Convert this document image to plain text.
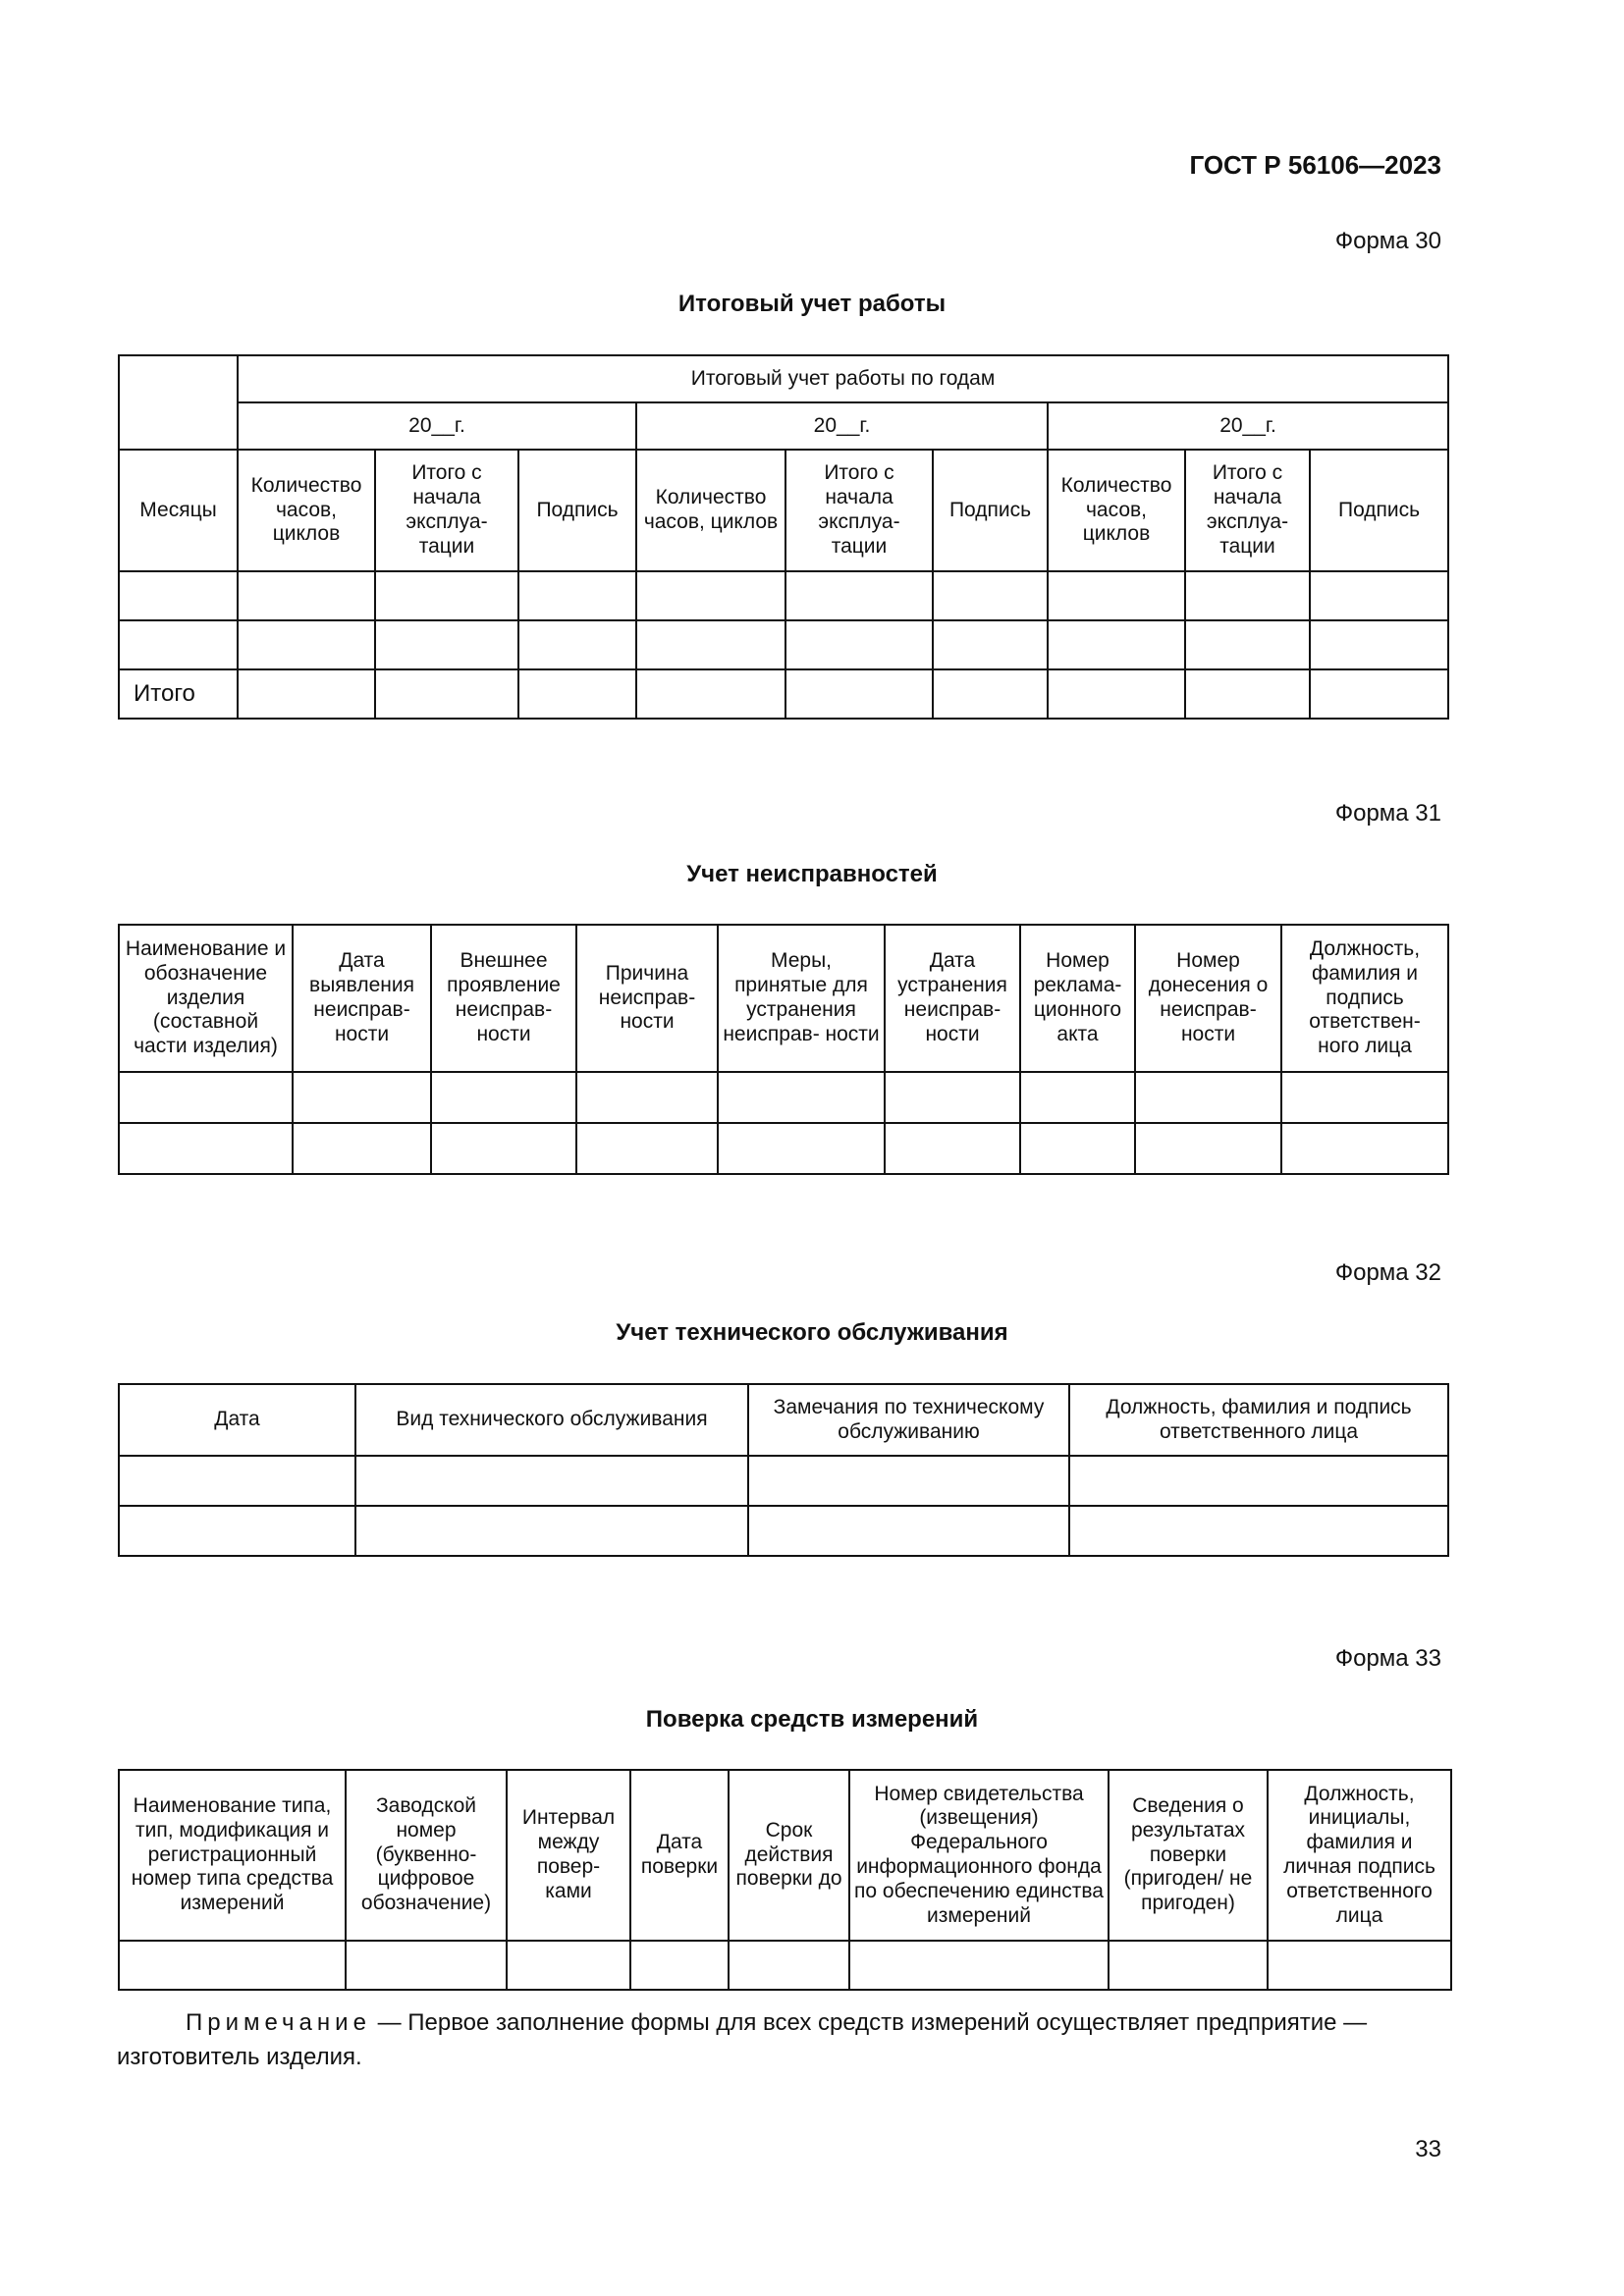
ГОСТ Р 56106—2023
Форма 30
Итоговый учет работы
	Итоговый учет работы по годам								
	20__г.			20__г.			20__г.		
Месяцы	Количество часов, циклов	Итого с начала эксплуа- тации	Подпись	Количество часов, циклов	Итого с начала эксплуа- тации	Подпись	Количество часов, циклов	Итого с начала эксплуа- тации	Подпись

Итого									
Форма 31
Учет неисправностей
Наименование и обозначение изделия (составной части изделия)	Дата выявления неисправ- ности	Внешнее проявление неисправ- ности	Причина неисправ- ности	Меры, принятые для устранения неисправ- ности	Дата устранения неисправ- ности	Номер реклама- ционного акта	Номер донесения о неисправ- ности	Должность, фамилия и подпись ответствен- ного лица

Форма 32
Учет технического обслуживания
Дата	Вид технического обслуживания	Замечания по техническому обслуживанию	Должность, фамилия и подпись ответственного лица

Форма 33
Поверка средств измерений
Наименование типа, тип, модификация и регистрационный номер типа средства измерений	Заводской номер (буквенно- цифровое обозначение)	Интервал между повер- ками	Дата поверки	Срок действия поверки до	Номер свидетельства (извещения) Федерального информационного фонда по обеспечению единства измерений	Сведения о результатах поверки (пригоден/ не пригоден)	Должность, инициалы, фамилия и личная подпись ответственного лица

Примечание — Первое заполнение формы для всех средств измерений осуществляет предприятие — изготовитель изделия.
33
